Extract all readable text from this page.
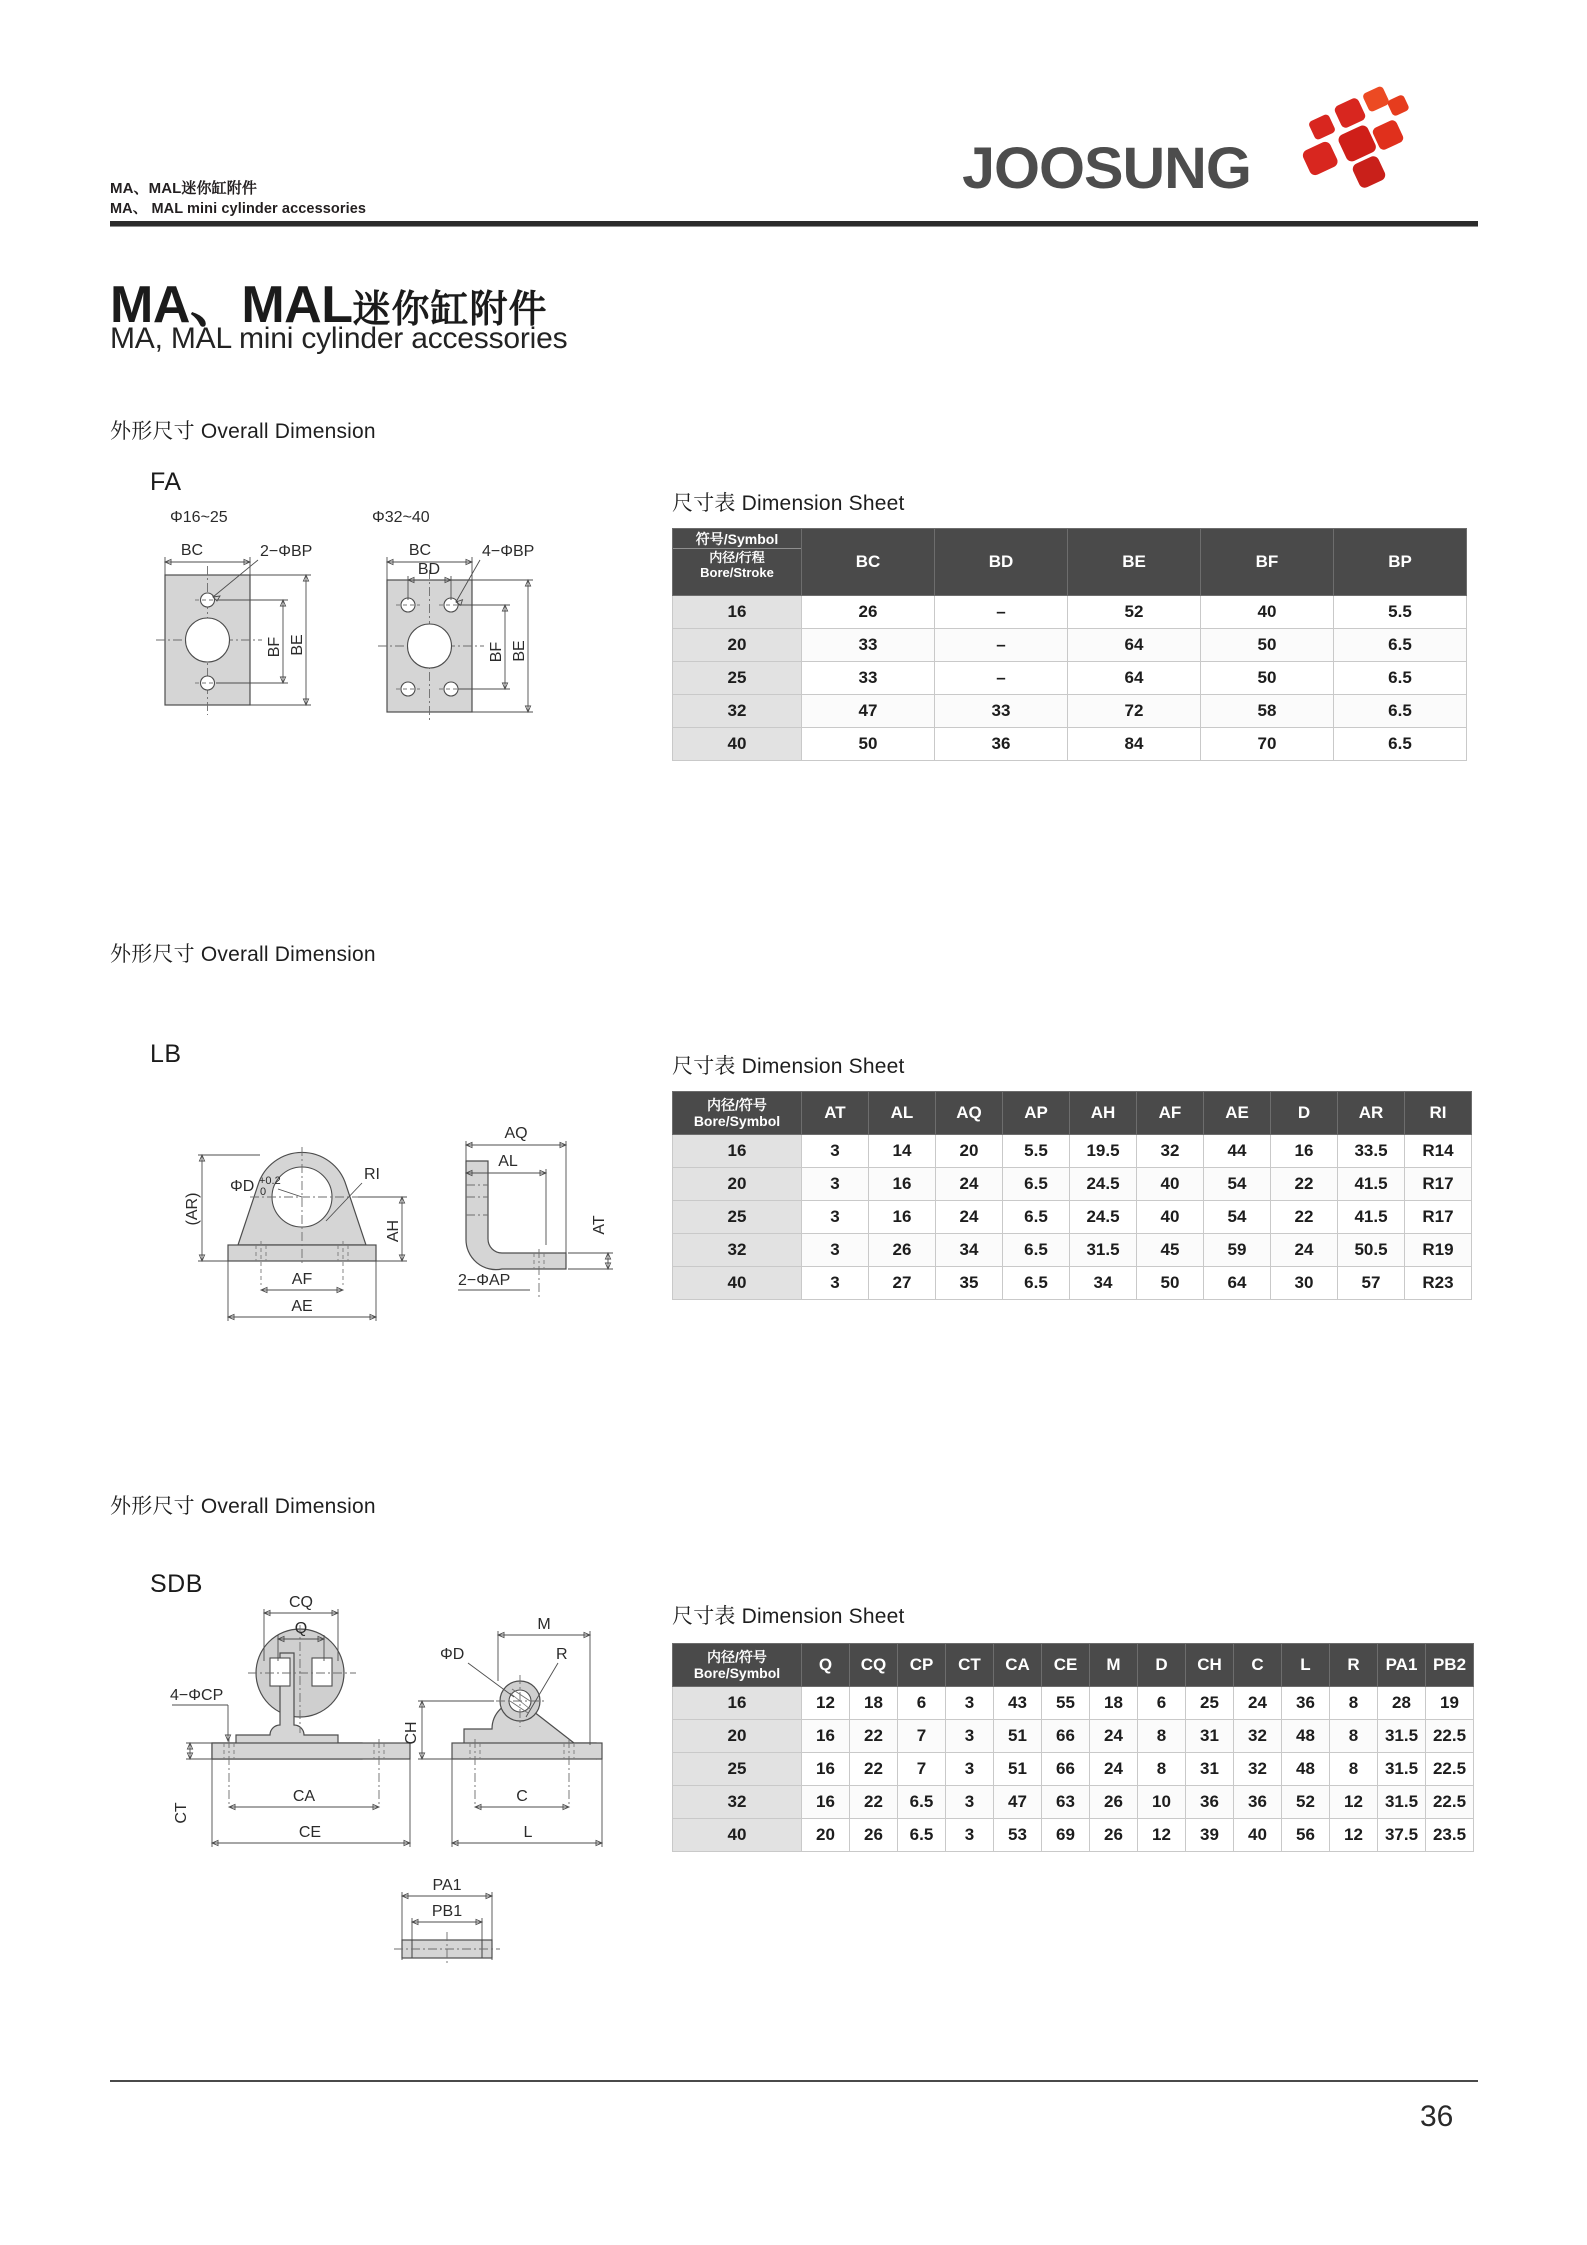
MA、MAL迷你缸附件
MA、 MAL mini cylinder accessories
JOOSUNG
MA、MAL迷你缸附件
MA, MAL mini cylinder accessories
外形尺寸 Overall Dimension
FA
尺寸表 Dimension Sheet
Φ16~25	Φ32~40
BC	2−ΦBP
BF BE
BC
BD
4−ΦBP
BF BE
符号/Symbol
内径/行程
Bore/Stroke	BC	BD	BE	BF	BP
16	26	–	52	40	5.5
20	33	–	64	50	6.5
25	33	–	64	50	6.5
32	47	33	72	58	6.5
40	50	36	84	70	6.5
外形尺寸 Overall Dimension
LB	尺寸表 Dimension Sheet
RI
ΦD +0.2
0
(AR)
AH
AF
AE
AQ
AL
AT
2−ΦAP
内径/符号
Bore/Symbol	AT	AL	AQ	AP	AH	AF	AE	D	AR	RI
16	3	14	20	5.5	19.5	32	44	16	33.5	R14
20	3	16	24	6.5	24.5	40	54	22	41.5	R17
25	3	16	24	6.5	24.5	40	54	22	41.5	R17
32	3	26	34	6.5	31.5	45	59	24	50.5	R19
40	3	27	35	6.5	34	50	64	30	57	R23
外形尺寸 Overall Dimension
SDB
尺寸表 Dimension Sheet
CQ
Q
4−ΦCP
CT
CA
CE
M
ΦD	R
CH
C
L
PA1
PB1
内径/符号
Bore/Symbol	Q	CQ	CP	CT	CA	CE	M	D	CH	C	L	R	PA1	PB2
16	12	18	6	3	43	55	18	6	25	24	36	8	28	19
20	16	22	7	3	51	66	24	8	31	32	48	8	31.5	22.5
25	16	22	7	3	51	66	24	8	31	32	48	8	31.5	22.5
32	16	22	6.5	3	47	63	26	10	36	36	52	12	31.5	22.5
40	20	26	6.5	3	53	69	26	12	39	40	56	12	37.5	23.5
36
